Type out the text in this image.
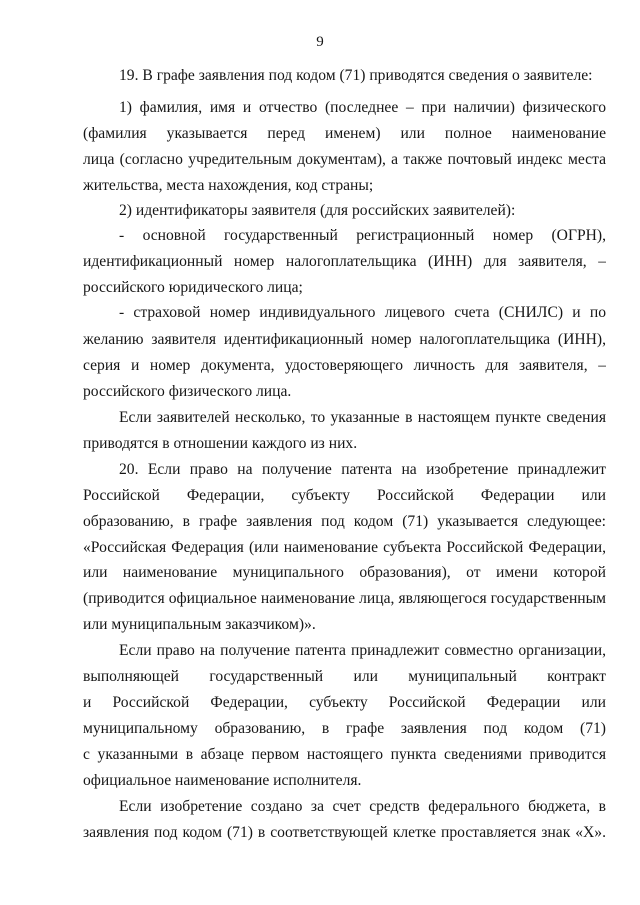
9
19. В графе заявления под кодом (71) приводятся сведения о заявителе:
1) фамилия, имя и отчество (последнее – при наличии) физического
(фамилия указывается перед именем) или полное наименование
лица (согласно учредительным документам), а также почтовый индекс места
жительства, места нахождения, код страны;
2) идентификаторы заявителя (для российских заявителей):
- основной государственный регистрационный номер (ОГРН),
идентификационный номер налогоплательщика (ИНН) для заявителя, –
российского юридического лица;
- страховой номер индивидуального лицевого счета (СНИЛС) и по
желанию заявителя идентификационный номер налогоплательщика (ИНН),
серия и номер документа, удостоверяющего личность для заявителя, –
российского физического лица.
Если заявителей несколько, то указанные в настоящем пункте сведения
приводятся в отношении каждого из них.
20. Если право на получение патента на изобретение принадлежит
Российской Федерации, субъекту Российской Федерации или
образованию, в графе заявления под кодом (71) указывается следующее:
«Российская Федерация (или наименование субъекта Российской Федерации,
или наименование муниципального образования), от имени которой
(приводится официальное наименование лица, являющегося государственным
или муниципальным заказчиком)».
Если право на получение патента принадлежит совместно организации,
выполняющей государственный или муниципальный контракт
и Российской Федерации, субъекту Российской Федерации или
муниципальному образованию, в графе заявления под кодом (71)
с указанными в абзаце первом настоящего пункта сведениями приводится
официальное наименование исполнителя.
Если изобретение создано за счет средств федерального бюджета, в
заявления под кодом (71) в соответствующей клетке проставляется знак «Х».
